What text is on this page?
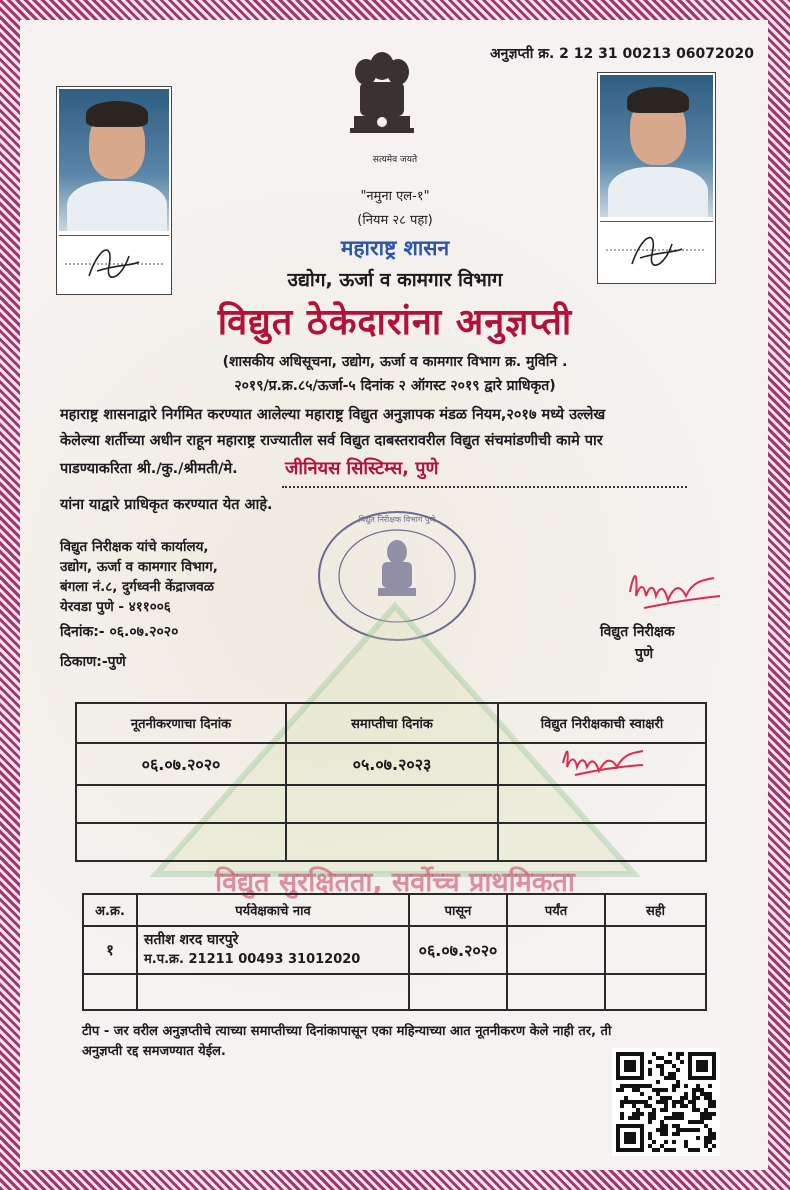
अनुज्ञप्ती क्र. 2 12 31 00213 06072020
सत्यमेव जयते
"नमुना एल-१"
(नियम २८ पहा)
महाराष्ट्र शासन
उद्योग, ऊर्जा व कामगार विभाग
विद्युत ठेकेदारांना अनुज्ञप्ती
(शासकीय अधिसूचना, उद्योग, ऊर्जा व कामगार विभाग क्र. मुविनि .
२०१९/प्र.क्र.८५/ऊर्जा-५ दिनांक २ ऑगस्ट २०१९ द्वारे प्राधिकृत)
महाराष्ट्र शासनाद्वारे निर्गमित करण्यात आलेल्या महाराष्ट्र विद्युत अनुज्ञापक मंडळ नियम,२०१७ मध्ये उल्लेख
केलेल्या शर्तीच्या अधीन राहून महाराष्ट्र राज्यातील सर्व विद्युत दाबस्तरावरील विद्युत संचमांडणीची कामे पार
पाडण्याकरिता श्री./कु./श्रीमती/मे.	जीनियस सिस्टिम्स, पुणे
यांना याद्वारे प्राधिकृत करण्यात येत आहे.
विद्युत निरीक्षक यांचे कार्यालय,
उद्योग, ऊर्जा व कामगार विभाग,
बंगला नं.८, दुर्गध्वनी केंद्राजवळ
येरवडा पुणे - ४११००६
दिनांक:- ०६.०७.२०२०
ठिकाण:-पुणे
विद्युत निरीक्षक विभाग पुणे
विद्युत निरीक्षक
पुणे
नूतनीकरणाचा दिनांक	समाप्तीचा दिनांक	विद्युत निरीक्षकाची स्वाक्षरी
०६.०७.२०२०	०५.०७.२०२३	

विद्युत सुरक्षितता, सर्वोच्च प्राथमिकता
अ.क्र.	पर्यवेक्षकाचे नाव	पासून	पर्यंत	सही
१	सतीश शरद घारपुरे
म.प.क्र. 21211 00493 31012020	०६.०७.२०२०		

टीप - जर वरील अनुज्ञप्तीचे त्याच्या समाप्तीच्या दिनांकापासून एका महिन्याच्या आत नूतनीकरण केले नाही तर, ती
अनुज्ञप्ती रद्द समजण्यात येईल.
